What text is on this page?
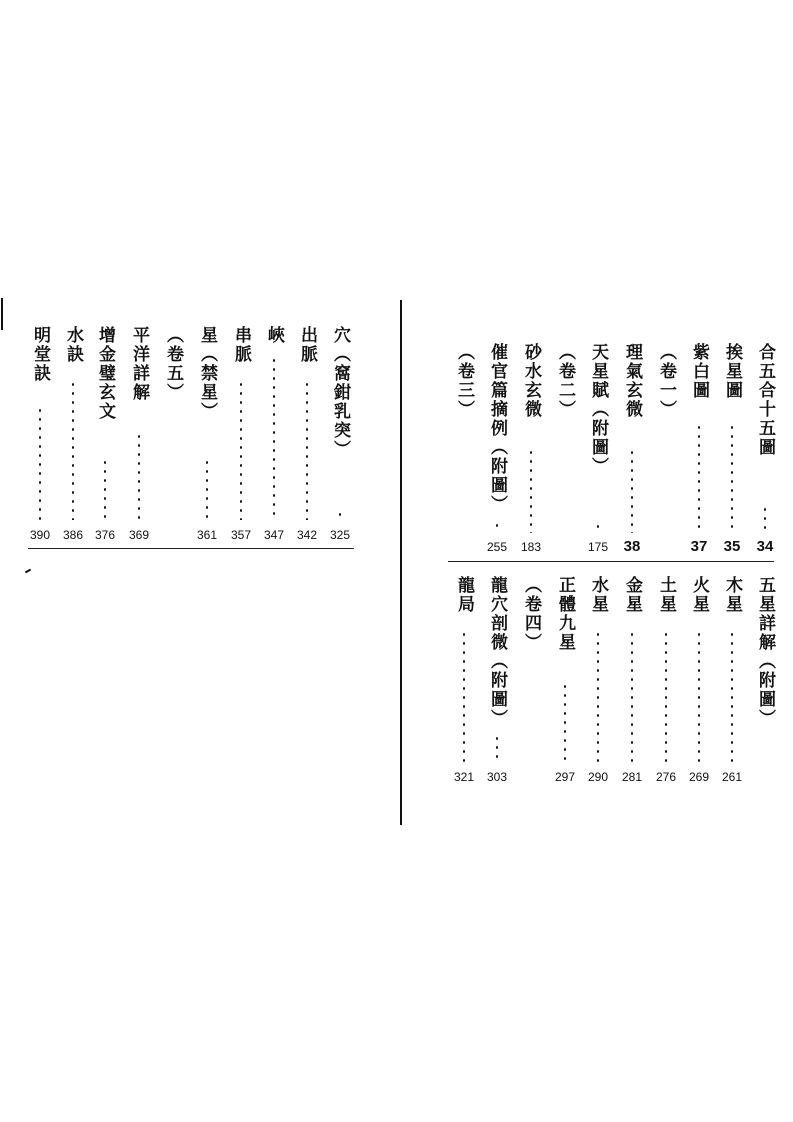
穴（窩鉗乳突）
325
出脈
342
峽
347
串脈
357
星（禁星）
361
（卷五）
平洋詳解
369
增金璧玄文
376
水訣
386
明堂訣
390
合五合十五圖
34
挨星圖
35
紫白圖
37
（卷一）
理氣玄微
38
天星賦（附圖）
175
（卷二）
砂水玄微
183
催官篇摘例（附圖）
255
（卷三）
五星詳解（附圖）
木星
261
火星
269
土星
276
金星
281
水星
290
正體九星
297
（卷四）
龍穴剖微（附圖）
303
龍局
321
